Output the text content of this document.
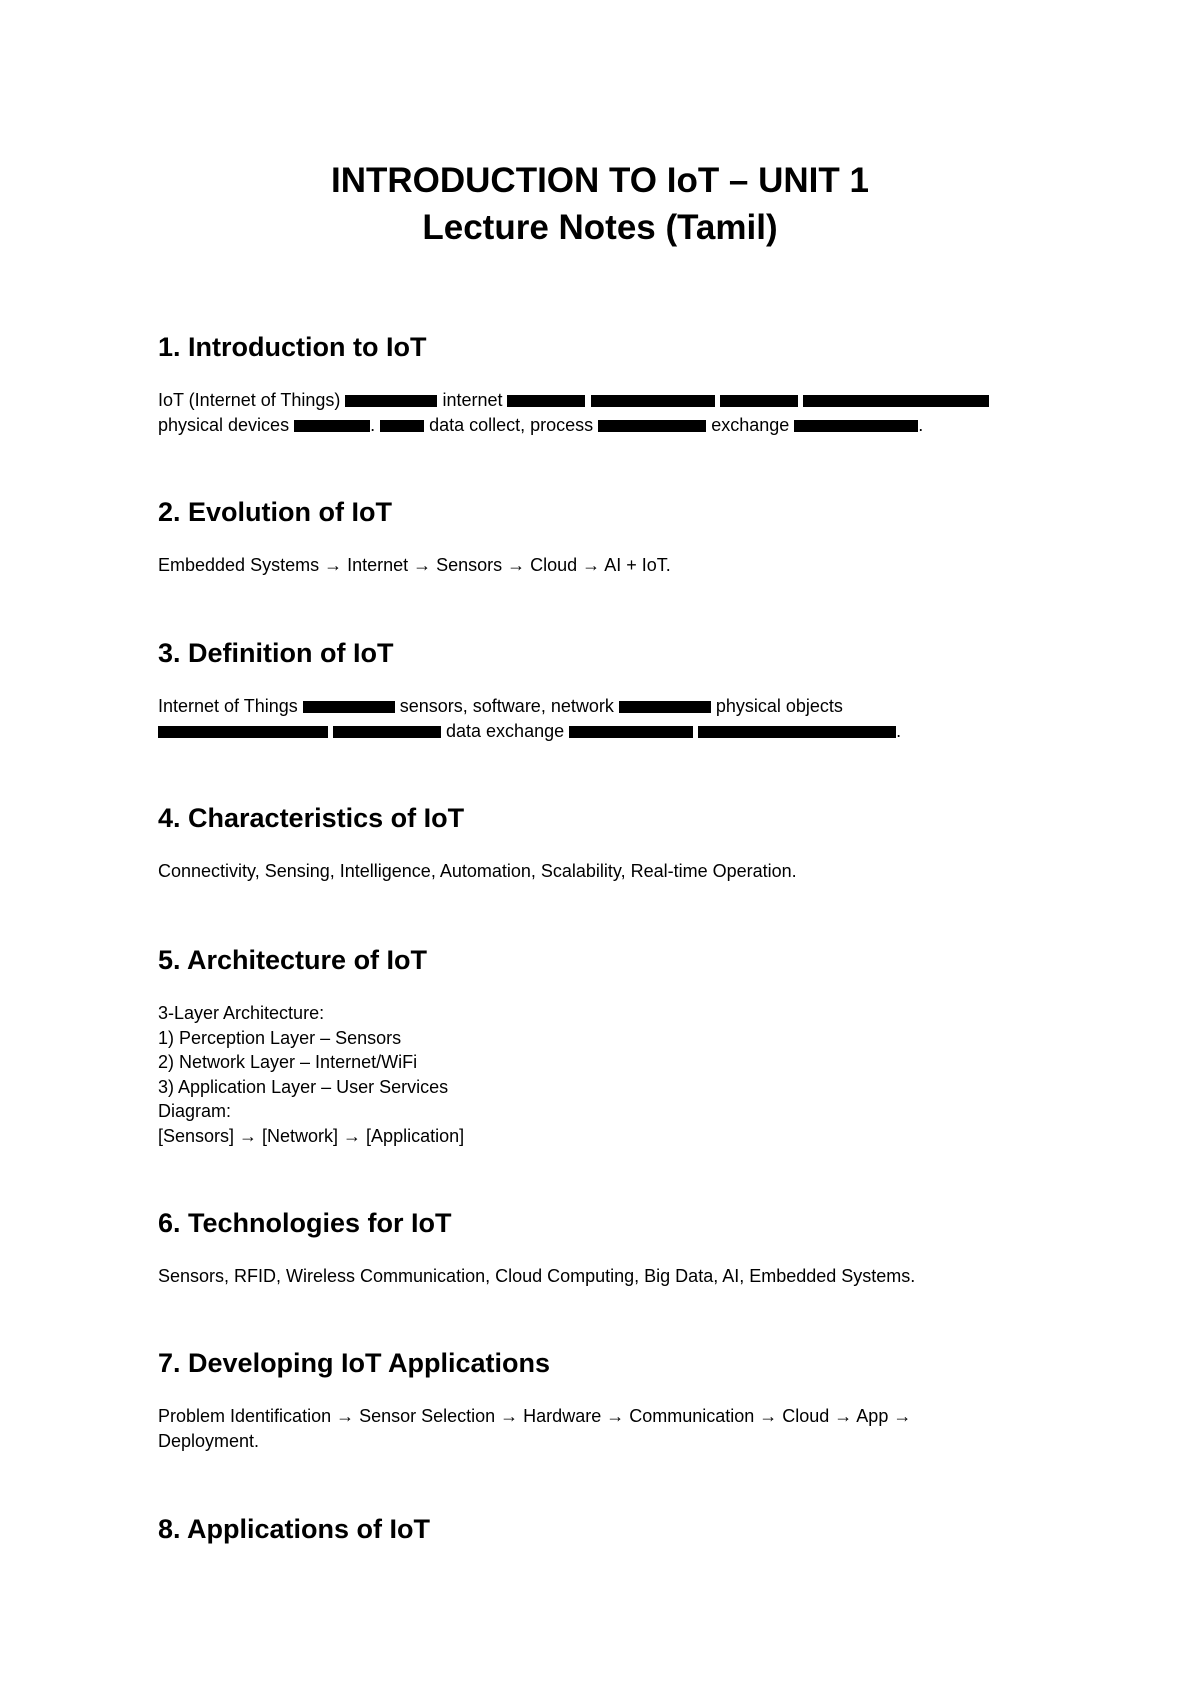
INTRODUCTION TO IoT – UNIT 1
Lecture Notes (Tamil)
1. Introduction to IoT
IoT (Internet of Things)	internet
physical devices	.  data collect, process	exchange	.
2. Evolution of IoT
Embedded Systems → Internet → Sensors → Cloud → AI + IoT.
3. Definition of IoT
Internet of Things	sensors, software, network	physical objects
data exchange	.
4. Characteristics of IoT
Connectivity, Sensing, Intelligence, Automation, Scalability, Real-time Operation.
5. Architecture of IoT
3-Layer Architecture:
1) Perception Layer – Sensors
2) Network Layer – Internet/WiFi
3) Application Layer – User Services
Diagram:
[Sensors] → [Network] → [Application]
6. Technologies for IoT
Sensors, RFID, Wireless Communication, Cloud Computing, Big Data, AI, Embedded Systems.
7. Developing IoT Applications
Problem Identification → Sensor Selection → Hardware → Communication → Cloud → App →
Deployment.
8. Applications of IoT
